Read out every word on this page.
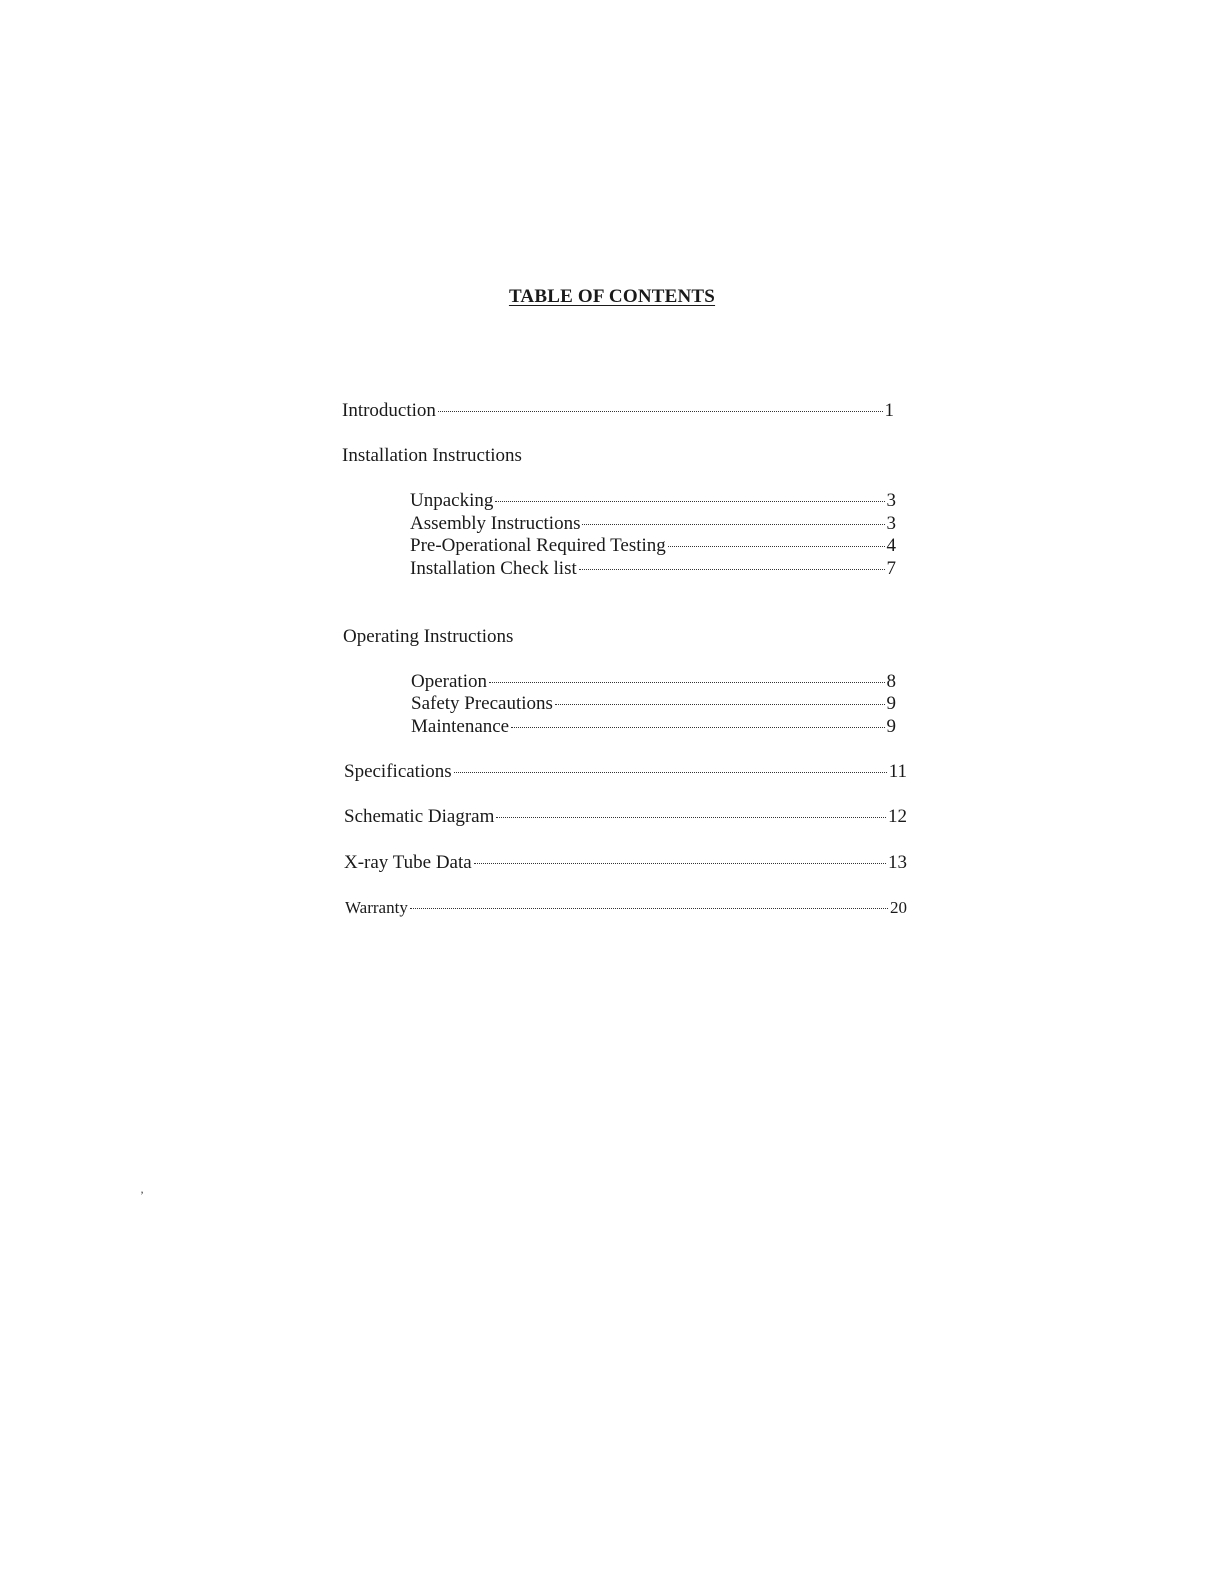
TABLE OF CONTENTS
Introduction	1
Installation Instructions
Unpacking	3
Assembly Instructions	3
Pre-Operational Required Testing	4
Installation Check list	7
Operating Instructions
Operation	8
Safety Precautions	9
Maintenance	9
Specifications	11
Schematic Diagram	12
X-ray Tube Data	13
Warranty	20
’
